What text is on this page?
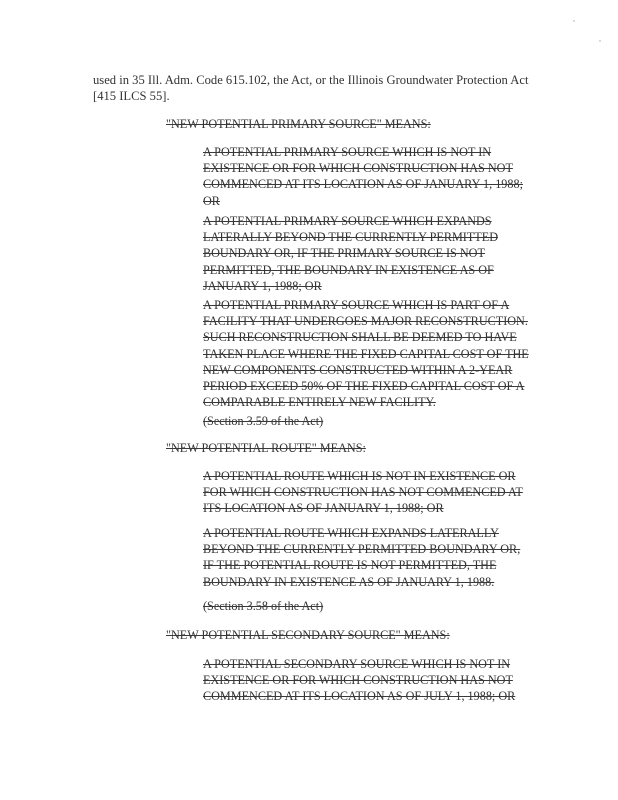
used in 35 Ill. Adm. Code 615.102, the Act, or the Illinois Groundwater Protection Act
[415 ILCS 55].
"NEW POTENTIAL PRIMARY SOURCE" MEANS:
A POTENTIAL PRIMARY SOURCE WHICH IS NOT IN EXISTENCE OR FOR WHICH CONSTRUCTION HAS NOT COMMENCED AT ITS LOCATION AS OF JANUARY 1, 1988; OR
A POTENTIAL PRIMARY SOURCE WHICH EXPANDS LATERALLY BEYOND THE CURRENTLY PERMITTED BOUNDARY OR, IF THE PRIMARY SOURCE IS NOT PERMITTED, THE BOUNDARY IN EXISTENCE AS OF JANUARY 1, 1988; OR
A POTENTIAL PRIMARY SOURCE WHICH IS PART OF A FACILITY THAT UNDERGOES MAJOR RECONSTRUCTION. SUCH RECONSTRUCTION SHALL BE DEEMED TO HAVE TAKEN PLACE WHERE THE FIXED CAPITAL COST OF THE NEW COMPONENTS CONSTRUCTED WITHIN A 2-YEAR PERIOD EXCEED 50% OF THE FIXED CAPITAL COST OF A COMPARABLE ENTIRELY NEW FACILITY.
(Section 3.59 of the Act)
"NEW POTENTIAL ROUTE" MEANS:
A POTENTIAL ROUTE WHICH IS NOT IN EXISTENCE OR FOR WHICH CONSTRUCTION HAS NOT COMMENCED AT ITS LOCATION AS OF JANUARY 1, 1988; OR
A POTENTIAL ROUTE WHICH EXPANDS LATERALLY BEYOND THE CURRENTLY PERMITTED BOUNDARY OR, IF THE POTENTIAL ROUTE IS NOT PERMITTED, THE BOUNDARY IN EXISTENCE AS OF JANUARY 1, 1988.
(Section 3.58 of the Act)
"NEW POTENTIAL SECONDARY SOURCE" MEANS:
A POTENTIAL SECONDARY SOURCE WHICH IS NOT IN EXISTENCE OR FOR WHICH CONSTRUCTION HAS NOT COMMENCED AT ITS LOCATION AS OF JULY 1, 1988; OR
